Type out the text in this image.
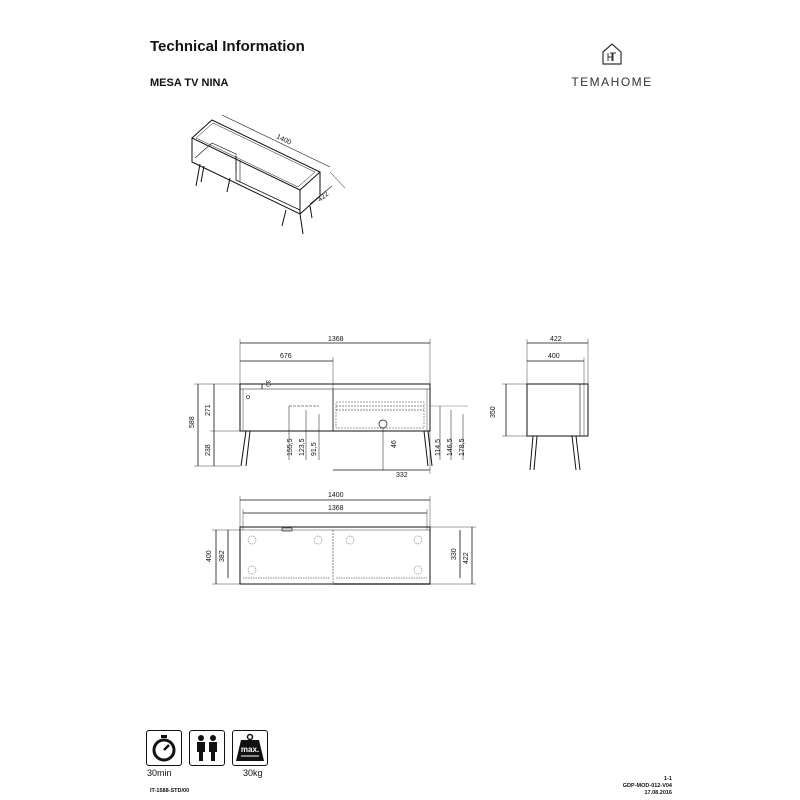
Technical Information
MESA TV NINA	TEMAHOME
1400
422
1368
676
588
271
238
30
155,5 123,5 91,5	46
332
114,5 146,5 178,5
422
400
350
1400
1368
400 382	330 422
max.
30min	30kg
IT-1588-STD/00
1-1
GDP-MOD-012-V04
17.08.2016
